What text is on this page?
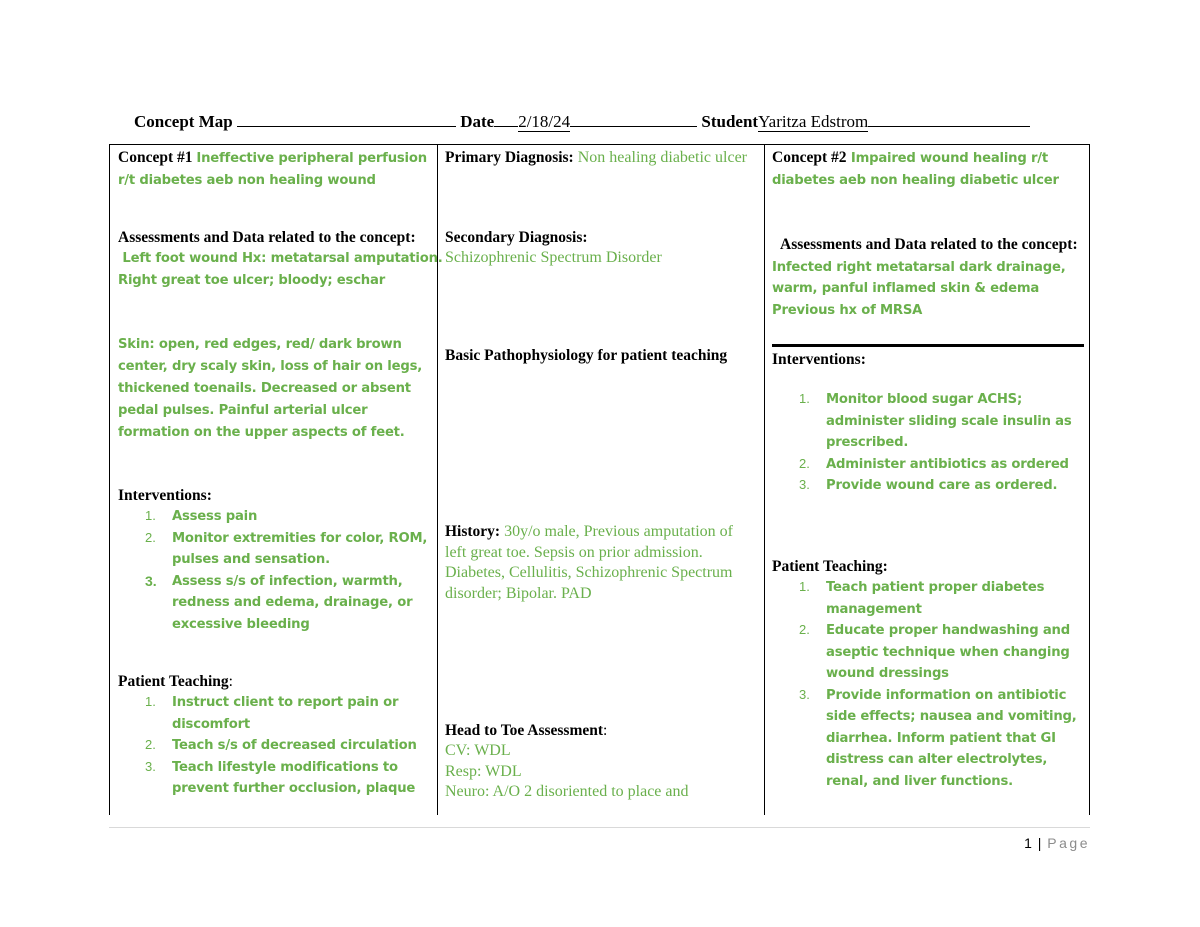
Concept Map	Date 2/18/24	StudentYaritza Edstrom
Concept #1 Ineffective peripheral perfusion r/t diabetes aeb non healing wound
Assessments and Data related to the concept:
Left foot wound Hx: metatarsal amputation.
Right great toe ulcer; bloody; eschar
Skin: open, red edges, red/ dark brown center, dry scaly skin, loss of hair on legs, thickened toenails. Decreased or absent pedal pulses. Painful arterial ulcer formation on the upper aspects of feet.
Interventions:
1. Assess pain
2. Monitor extremities for color, ROM, pulses and sensation.
3. Assess s/s of infection, warmth, redness and edema, drainage, or excessive bleeding
Patient Teaching:
1. Instruct client to report pain or discomfort
2. Teach s/s of decreased circulation
3. Teach lifestyle modifications to prevent further occlusion, plaque
Primary Diagnosis: Non healing diabetic ulcer
Secondary Diagnosis:
Schizophrenic Spectrum Disorder
Basic Pathophysiology for patient teaching
History: 30y/o male, Previous amputation of left great toe. Sepsis on prior admission. Diabetes, Cellulitis, Schizophrenic Spectrum disorder; Bipolar. PAD
Head to Toe Assessment:
CV: WDL
Resp: WDL
Neuro: A/O 2 disoriented to place and
Concept #2 Impaired wound healing r/t diabetes aeb non healing diabetic ulcer
Assessments and Data related to the concept: Infected right metatarsal dark drainage, warm, panful inflamed skin & edema
Previous hx of MRSA
Interventions:
1. Monitor blood sugar ACHS; administer sliding scale insulin as prescribed.
2. Administer antibiotics as ordered
3. Provide wound care as ordered.
Patient Teaching:
1. Teach patient proper diabetes management
2. Educate proper handwashing and aseptic technique when changing wound dressings
3. Provide information on antibiotic side effects; nausea and vomiting, diarrhea. Inform patient that GI distress can alter electrolytes, renal, and liver functions.
1 | Page
